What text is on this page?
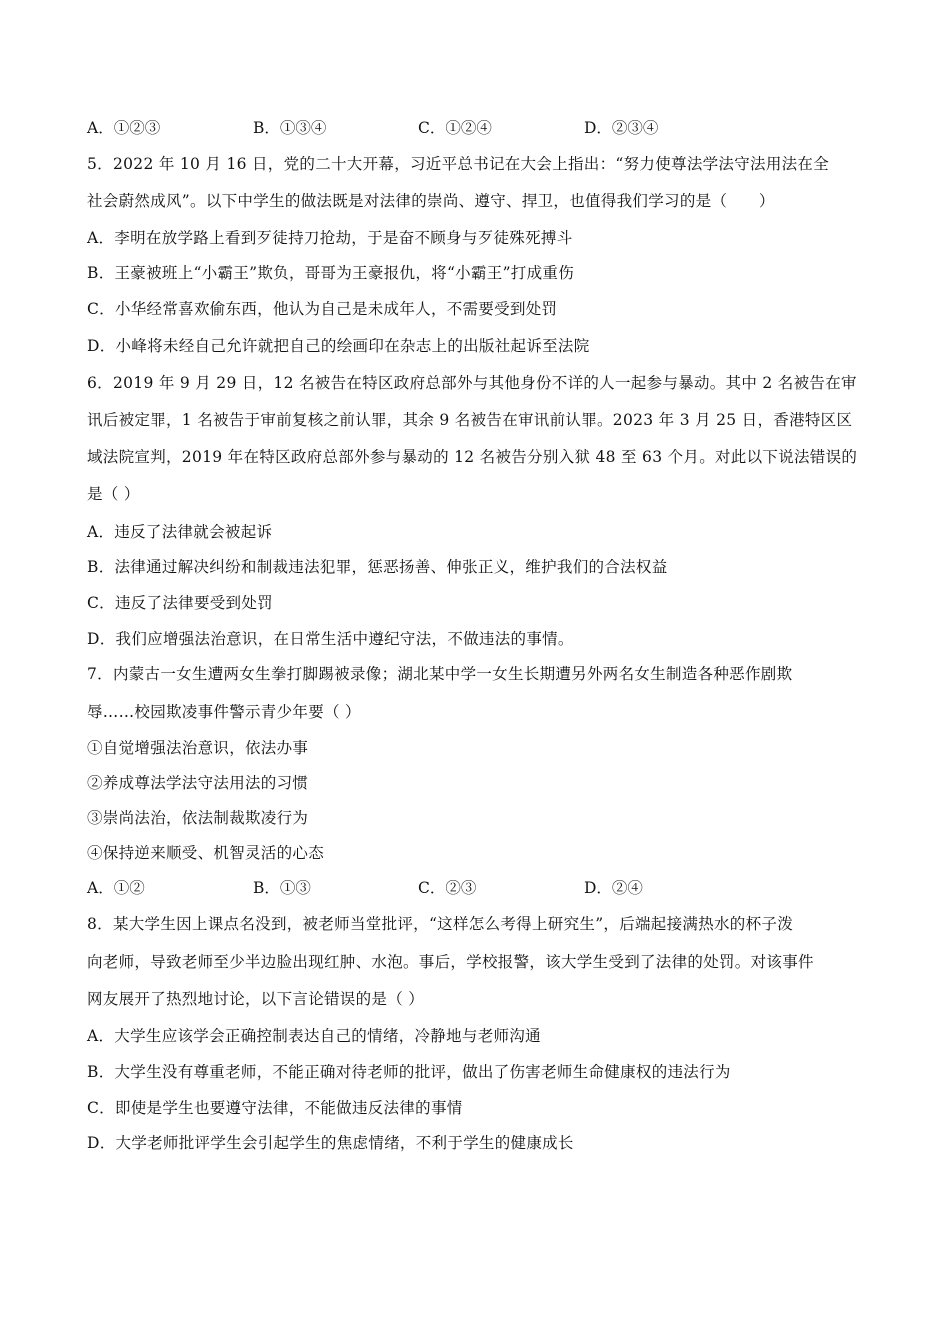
A．①②③	B．①③④	C．①②④	D．②③④
5．2022 年 10 月 16 日，党的二十大开幕，习近平总书记在大会上指出：“努力使尊法学法守法用法在全
社会蔚然成风”。以下中学生的做法既是对法律的崇尚、遵守、捍卫，也值得我们学习的是（　　）
A．李明在放学路上看到歹徒持刀抢劫，于是奋不顾身与歹徒殊死搏斗
B．王豪被班上“小霸王”欺负，哥哥为王豪报仇，将“小霸王”打成重伤
C．小华经常喜欢偷东西，他认为自己是未成年人，不需要受到处罚
D．小峰将未经自己允许就把自己的绘画印在杂志上的出版社起诉至法院
6．2019 年 9 月 29 日，12 名被告在特区政府总部外与其他身份不详的人一起参与暴动。其中 2 名被告在审
讯后被定罪，1 名被告于审前复核之前认罪，其余 9 名被告在审讯前认罪。2023 年 3 月 25 日，香港特区区
域法院宣判，2019 年在特区政府总部外参与暴动的 12 名被告分别入狱 48 至 63 个月。对此以下说法错误的
是（ ）
A．违反了法律就会被起诉
B．法律通过解决纠纷和制裁违法犯罪，惩恶扬善、伸张正义，维护我们的合法权益
C．违反了法律要受到处罚
D．我们应增强法治意识，在日常生活中遵纪守法，不做违法的事情。
7．内蒙古一女生遭两女生拳打脚踢被录像；湖北某中学一女生长期遭另外两名女生制造各种恶作剧欺
辱……校园欺凌事件警示青少年要（ ）
①自觉增强法治意识，依法办事
②养成尊法学法守法用法的习惯
③崇尚法治，依法制裁欺凌行为
④保持逆来顺受、机智灵活的心态
A．①②	B．①③	C．②③	D．②④
8．某大学生因上课点名没到，被老师当堂批评，“这样怎么考得上研究生”，后端起接满热水的杯子泼
向老师，导致老师至少半边脸出现红肿、水泡。事后，学校报警，该大学生受到了法律的处罚。对该事件
网友展开了热烈地讨论，以下言论错误的是（ ）
A．大学生应该学会正确控制表达自己的情绪，冷静地与老师沟通
B．大学生没有尊重老师，不能正确对待老师的批评，做出了伤害老师生命健康权的违法行为
C．即使是学生也要遵守法律，不能做违反法律的事情
D．大学老师批评学生会引起学生的焦虑情绪，不利于学生的健康成长
